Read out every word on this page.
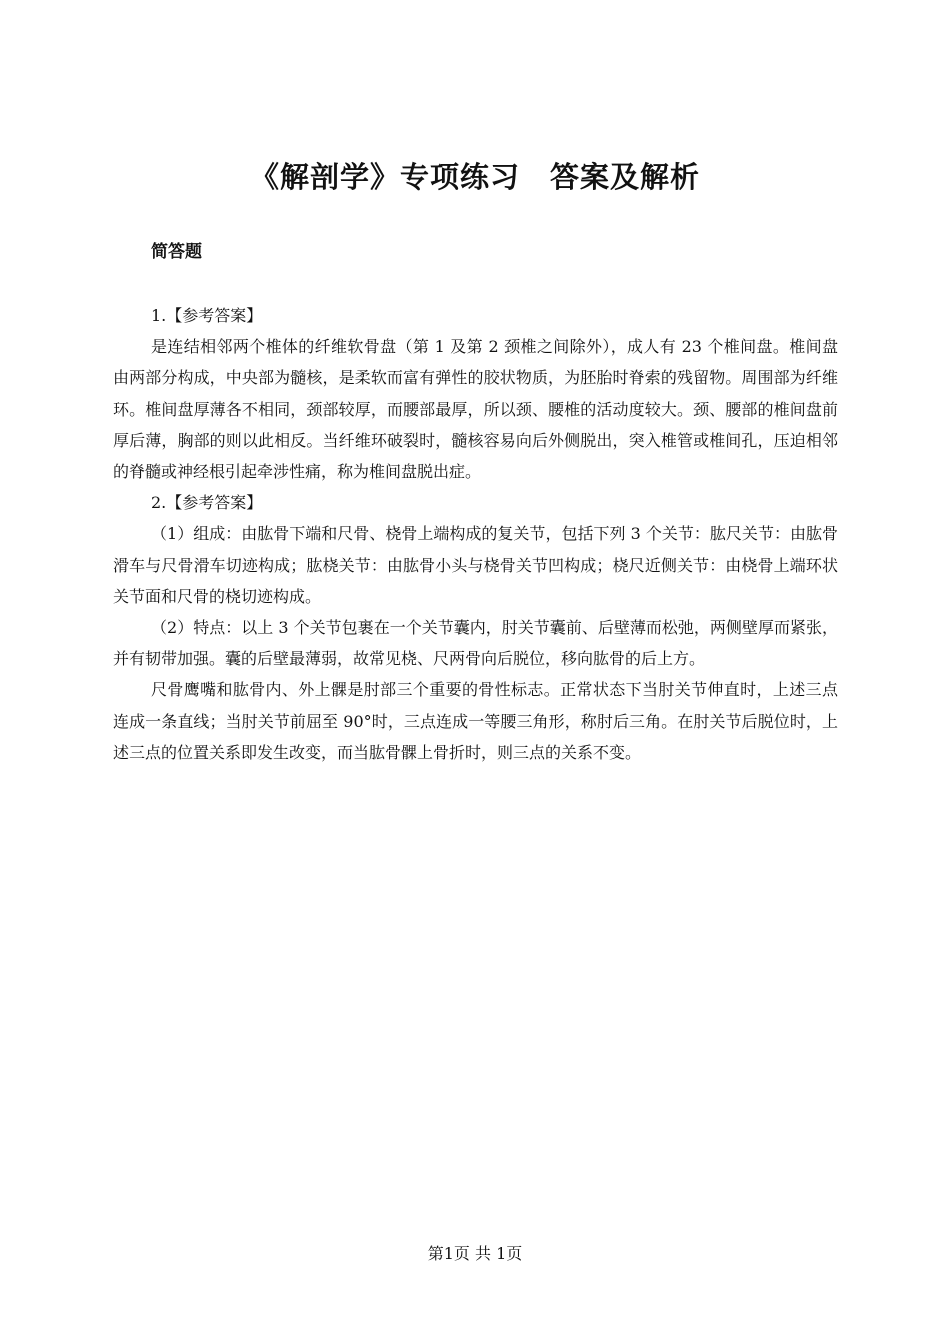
《解剖学》专项练习　答案及解析
简答题

1.【参考答案】

是连结相邻两个椎体的纤维软骨盘（第 1 及第 2 颈椎之间除外），成人有 23 个椎间盘。椎间盘由两部分构成，中央部为髓核，是柔软而富有弹性的胶状物质，为胚胎时脊索的残留物。周围部为纤维环。椎间盘厚薄各不相同，颈部较厚，而腰部最厚，所以颈、腰椎的活动度较大。颈、腰部的椎间盘前厚后薄，胸部的则以此相反。当纤维环破裂时，髓核容易向后外侧脱出，突入椎管或椎间孔，压迫相邻的脊髓或神经根引起牵涉性痛，称为椎间盘脱出症。

2.【参考答案】

（1）组成：由肱骨下端和尺骨、桡骨上端构成的复关节，包括下列 3 个关节：肱尺关节：由肱骨滑车与尺骨滑车切迹构成；肱桡关节：由肱骨小头与桡骨关节凹构成；桡尺近侧关节：由桡骨上端环状关节面和尺骨的桡切迹构成。

（2）特点：以上 3 个关节包裹在一个关节囊内，肘关节囊前、后壁薄而松弛，两侧壁厚而紧张，并有韧带加强。囊的后壁最薄弱，故常见桡、尺两骨向后脱位，移向肱骨的后上方。

尺骨鹰嘴和肱骨内、外上髁是肘部三个重要的骨性标志。正常状态下当肘关节伸直时，上述三点连成一条直线；当肘关节前屈至 90°时，三点连成一等腰三角形，称肘后三角。在肘关节后脱位时，上述三点的位置关系即发生改变，而当肱骨髁上骨折时，则三点的关系不变。

第1页 共 1页
